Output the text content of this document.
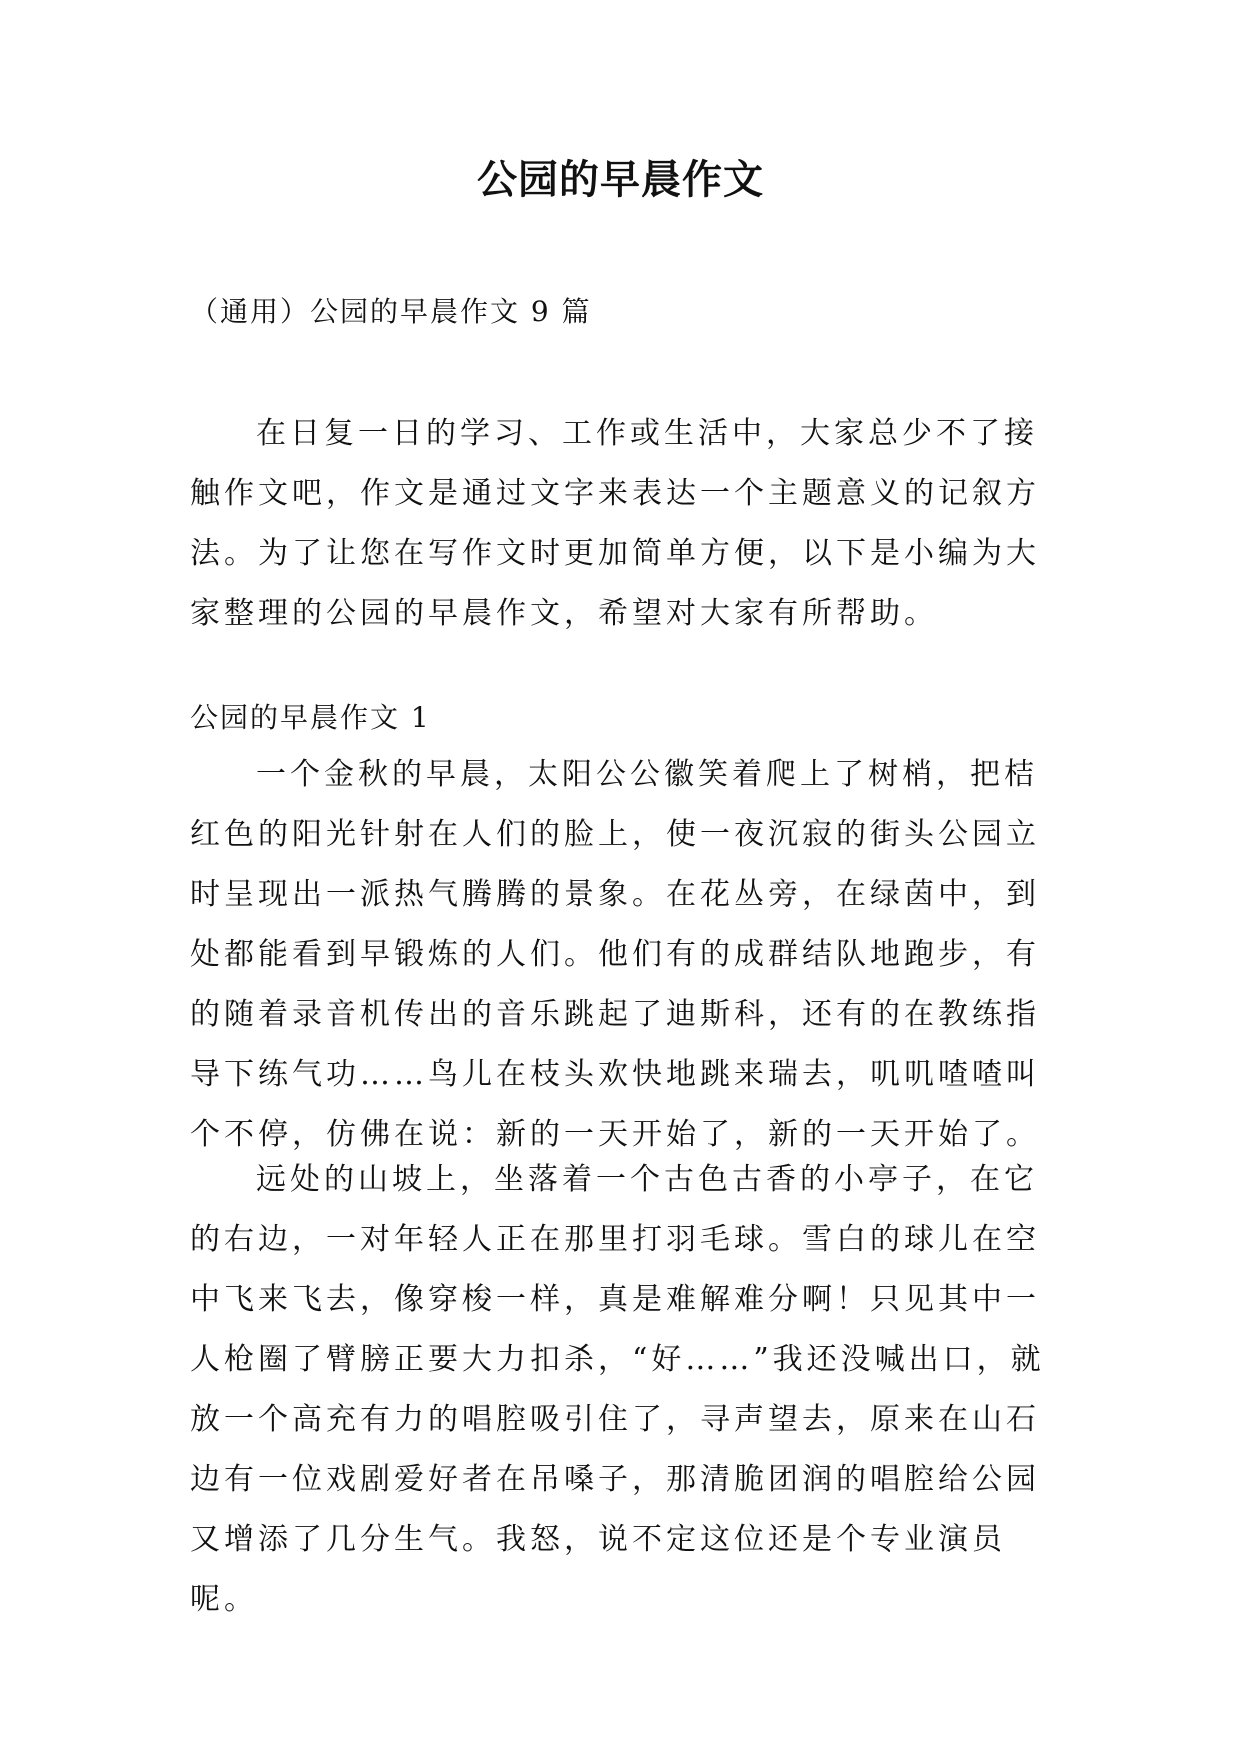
公园的早晨作文

（通用）公园的早晨作文 9 篇

在日复一日的学习、工作或生活中，大家总少不了接触作文吧，作文是通过文字来表达一个主题意义的记叙方法。为了让您在写作文时更加简单方便，以下是小编为大家整理的公园的早晨作文，希望对大家有所帮助。

公园的早晨作文 1

一个金秋的早晨，太阳公公徽笑着爬上了树梢，把桔红色的阳光针射在人们的脸上，使一夜沉寂的街头公园立时呈现出一派热气腾腾的景象。在花丛旁，在绿茵中，到处都能看到早锻炼的人们。他们有的成群结队地跑步，有的随着录音机传出的音乐跳起了迪斯科，还有的在教练指导下练气功……鸟儿在枝头欢快地跳来瑞去，叽叽喳喳叫个不停，仿佛在说：新的一天开始了，新的一天开始了。

远处的山坡上，坐落着一个古色古香的小亭子，在它的右边，一对年轻人正在那里打羽毛球。雪白的球儿在空中飞来飞去，像穿梭一样，真是难解难分啊！只见其中一人枪圈了臂膀正要大力扣杀，“好……”我还没喊出口，就放一个高充有力的唱腔吸引住了，寻声望去，原来在山石边有一位戏剧爱好者在吊嗓子，那清脆团润的唱腔给公园又增添了几分生气。我怒，说不定这位还是个专业演员呢。
